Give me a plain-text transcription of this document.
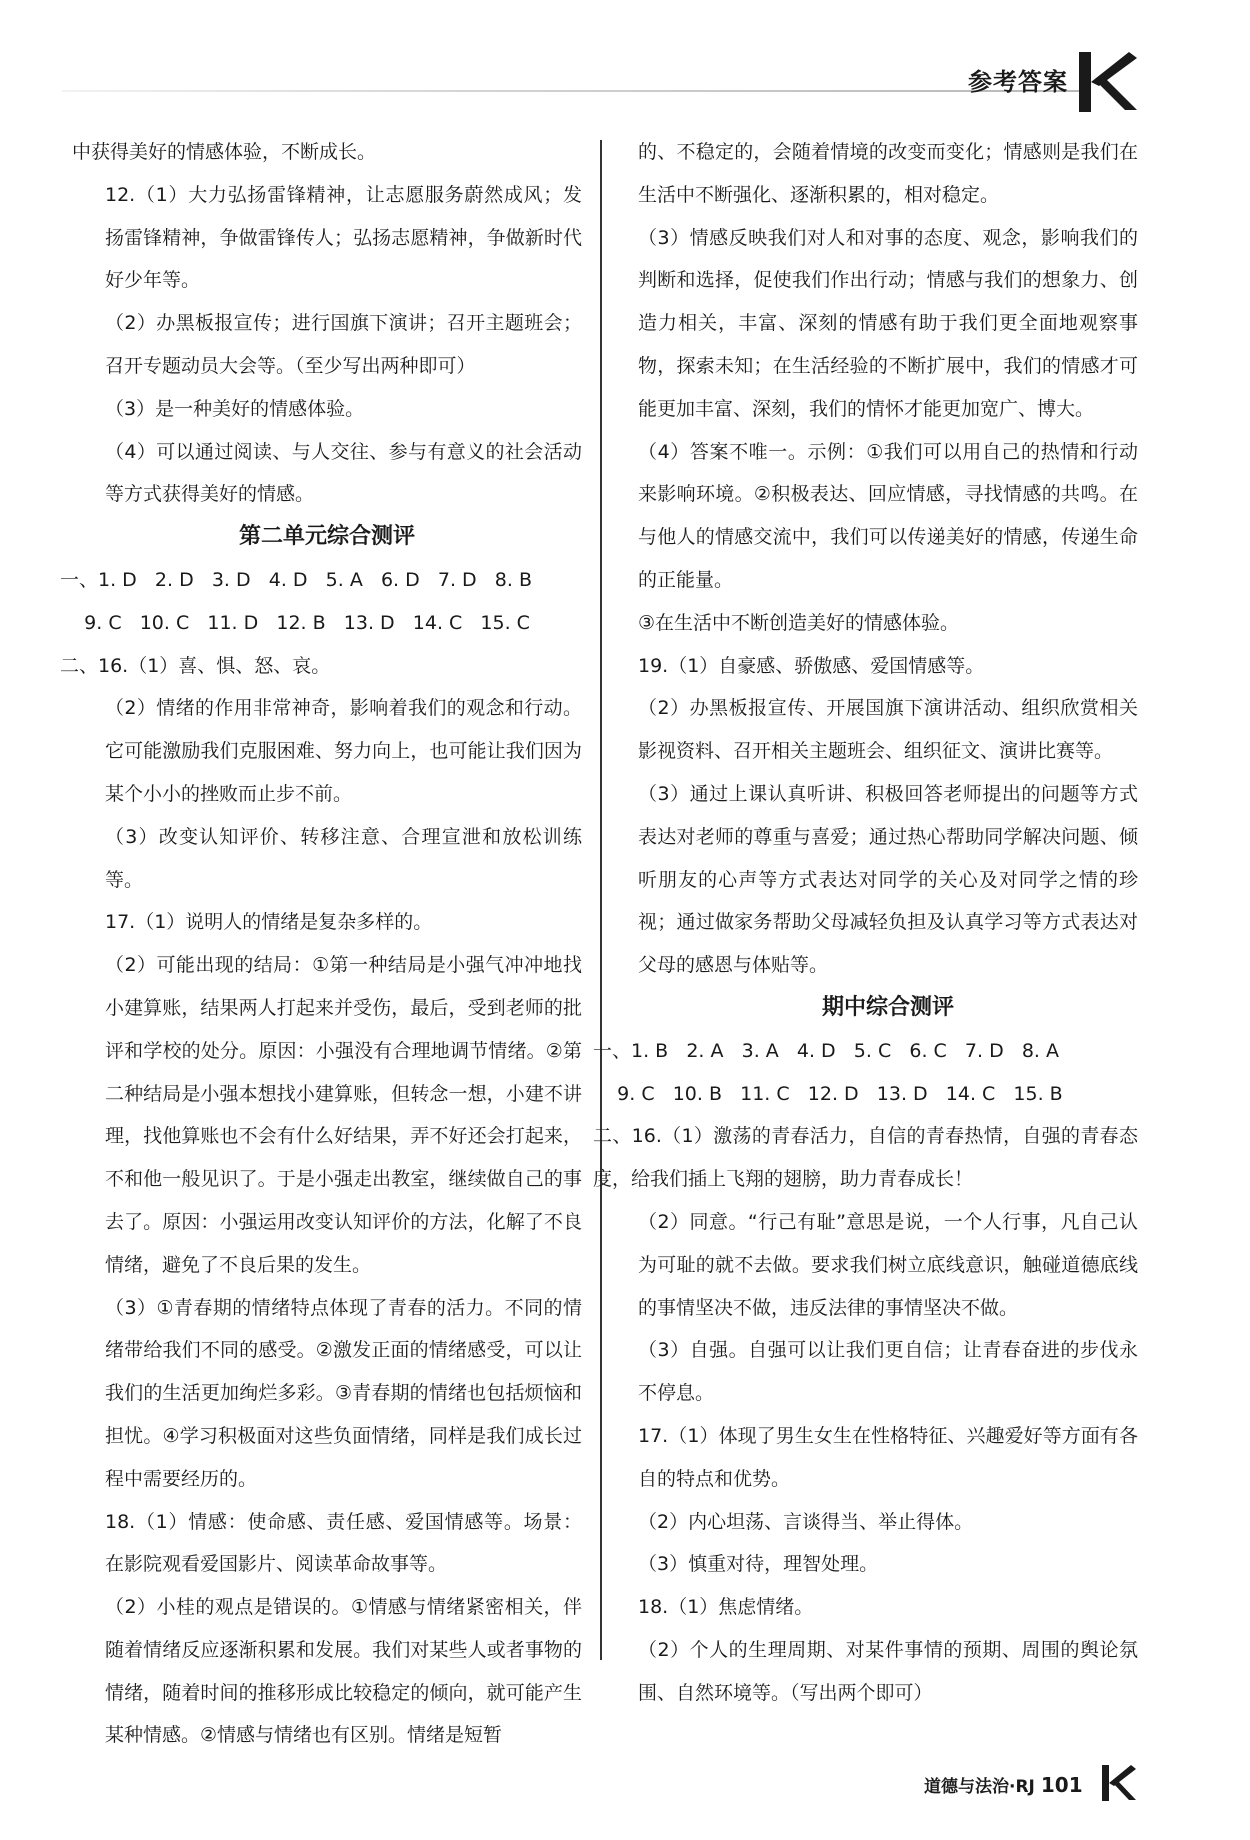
参考答案

中获得美好的情感体验，不断成长。

12.（1）大力弘扬雷锋精神，让志愿服务蔚然成风；发扬雷锋精神，争做雷锋传人；弘扬志愿精神，争做新时代好少年等。

（2）办黑板报宣传；进行国旗下演讲；召开主题班会；召开专题动员大会等。（至少写出两种即可）

（3）是一种美好的情感体验。

（4）可以通过阅读、与人交往、参与有意义的社会活动等方式获得美好的情感。

第二单元综合测评

一、1. D   2. D   3. D   4. D   5. A   6. D   7. D   8. B

9. C   10. C   11. D   12. B   13. D   14. C   15. C

二、16.（1）喜、惧、怒、哀。

（2）情绪的作用非常神奇，影响着我们的观念和行动。它可能激励我们克服困难、努力向上，也可能让我们因为某个小小的挫败而止步不前。

（3）改变认知评价、转移注意、合理宣泄和放松训练等。

17.（1）说明人的情绪是复杂多样的。

（2）可能出现的结局：①第一种结局是小强气冲冲地找小建算账，结果两人打起来并受伤，最后，受到老师的批评和学校的处分。原因：小强没有合理地调节情绪。②第二种结局是小强本想找小建算账，但转念一想，小建不讲理，找他算账也不会有什么好结果，弄不好还会打起来，不和他一般见识了。于是小强走出教室，继续做自己的事去了。原因：小强运用改变认知评价的方法，化解了不良情绪，避免了不良后果的发生。

（3）①青春期的情绪特点体现了青春的活力。不同的情绪带给我们不同的感受。②激发正面的情绪感受，可以让我们的生活更加绚烂多彩。③青春期的情绪也包括烦恼和担忧。④学习积极面对这些负面情绪，同样是我们成长过程中需要经历的。

18.（1）情感：使命感、责任感、爱国情感等。场景：在影院观看爱国影片、阅读革命故事等。

（2）小桂的观点是错误的。①情感与情绪紧密相关，伴随着情绪反应逐渐积累和发展。我们对某些人或者事物的情绪，随着时间的推移形成比较稳定的倾向，就可能产生某种情感。②情感与情绪也有区别。情绪是短暂

的、不稳定的，会随着情境的改变而变化；情感则是我们在生活中不断强化、逐渐积累的，相对稳定。

（3）情感反映我们对人和对事的态度、观念，影响我们的判断和选择，促使我们作出行动；情感与我们的想象力、创造力相关，丰富、深刻的情感有助于我们更全面地观察事物，探索未知；在生活经验的不断扩展中，我们的情感才可能更加丰富、深刻，我们的情怀才能更加宽广、博大。

（4）答案不唯一。示例：①我们可以用自己的热情和行动来影响环境。②积极表达、回应情感，寻找情感的共鸣。在与他人的情感交流中，我们可以传递美好的情感，传递生命的正能量。

③在生活中不断创造美好的情感体验。

19.（1）自豪感、骄傲感、爱国情感等。

（2）办黑板报宣传、开展国旗下演讲活动、组织欣赏相关影视资料、召开相关主题班会、组织征文、演讲比赛等。

（3）通过上课认真听讲、积极回答老师提出的问题等方式表达对老师的尊重与喜爱；通过热心帮助同学解决问题、倾听朋友的心声等方式表达对同学的关心及对同学之情的珍视；通过做家务帮助父母减轻负担及认真学习等方式表达对父母的感恩与体贴等。

期中综合测评

一、1. B   2. A   3. A   4. D   5. C   6. C   7. D   8. A

9. C   10. B   11. C   12. D   13. D   14. C   15. B

二、16.（1）激荡的青春活力，自信的青春热情，自强的青春态度，给我们插上飞翔的翅膀，助力青春成长！

（2）同意。“行己有耻”意思是说，一个人行事，凡自己认为可耻的就不去做。要求我们树立底线意识，触碰道德底线的事情坚决不做，违反法律的事情坚决不做。

（3）自强。自强可以让我们更自信；让青春奋进的步伐永不停息。

17.（1）体现了男生女生在性格特征、兴趣爱好等方面有各自的特点和优势。

（2）内心坦荡、言谈得当、举止得体。

（3）慎重对待，理智处理。

18.（1）焦虑情绪。

（2）个人的生理周期、对某件事情的预期、周围的舆论氛围、自然环境等。（写出两个即可）

道德与法治·RJ 101
